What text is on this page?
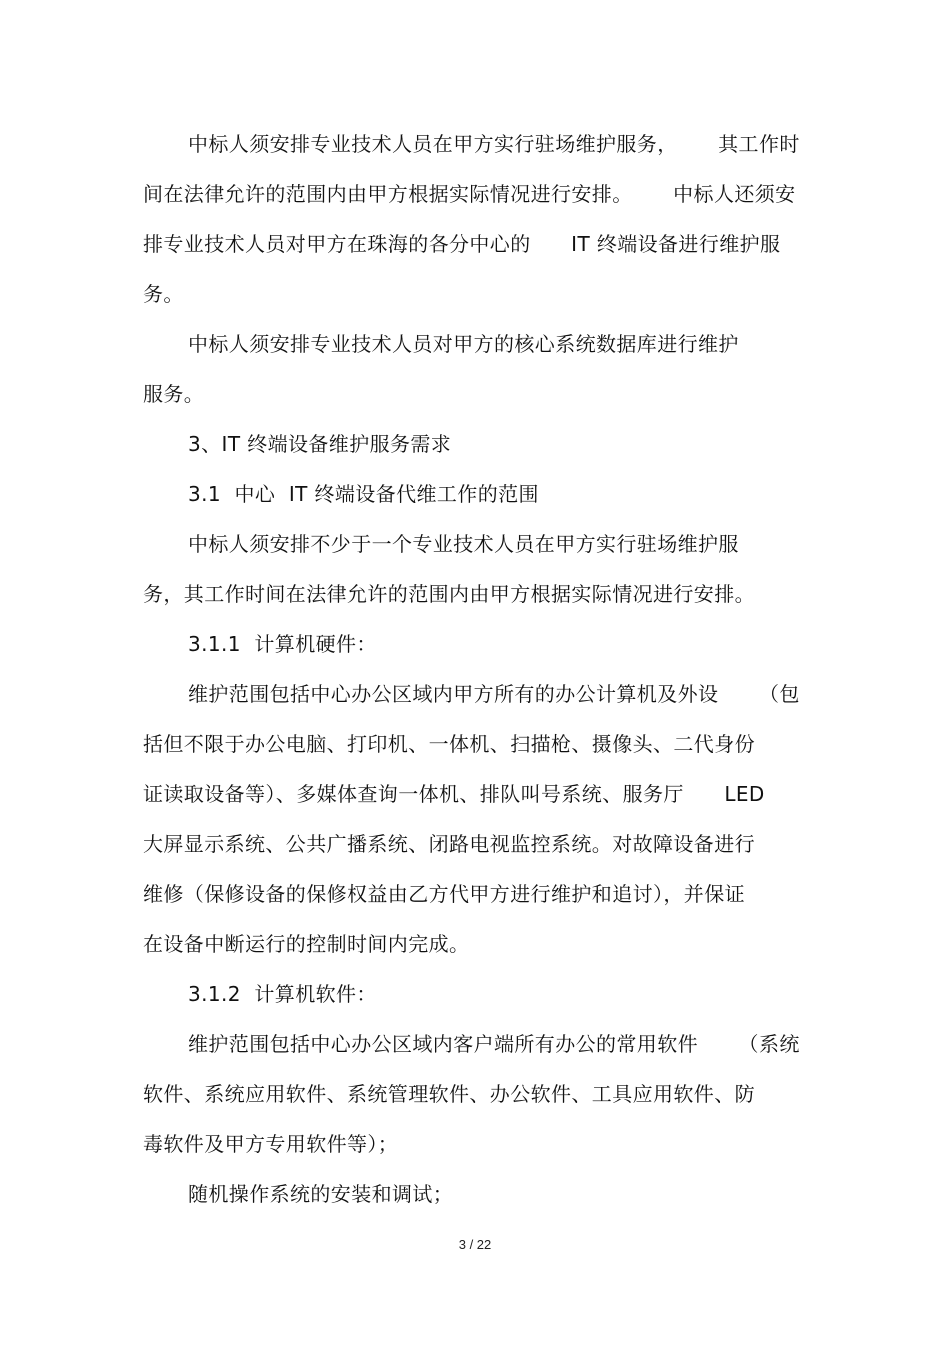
中标人须安排专业技术人员在甲方实行驻场维护服务，      其工作时
间在法律允许的范围内由甲方根据实际情况进行安排。      中标人还须安
排专业技术人员对甲方在珠海的各分中心的      IT 终端设备进行维护服
务。
中标人须安排专业技术人员对甲方的核心系统数据库进行维护
服务。
3、IT 终端设备维护服务需求
3.1  中心  IT 终端设备代维工作的范围
中标人须安排不少于一个专业技术人员在甲方实行驻场维护服
务，其工作时间在法律允许的范围内由甲方根据实际情况进行安排。
3.1.1  计算机硬件：
维护范围包括中心办公区域内甲方所有的办公计算机及外设      （包
括但不限于办公电脑、打印机、一体机、扫描枪、摄像头、二代身份
证读取设备等）、多媒体查询一体机、排队叫号系统、服务厅      LED
大屏显示系统、公共广播系统、闭路电视监控系统。对故障设备进行
维修（保修设备的保修权益由乙方代甲方进行维护和追讨），并保证
在设备中断运行的控制时间内完成。
3.1.2  计算机软件：
维护范围包括中心办公区域内客户端所有办公的常用软件      （系统
软件、系统应用软件、系统管理软件、办公软件、工具应用软件、防
毒软件及甲方专用软件等）；
随机操作系统的安装和调试；
3 / 22
